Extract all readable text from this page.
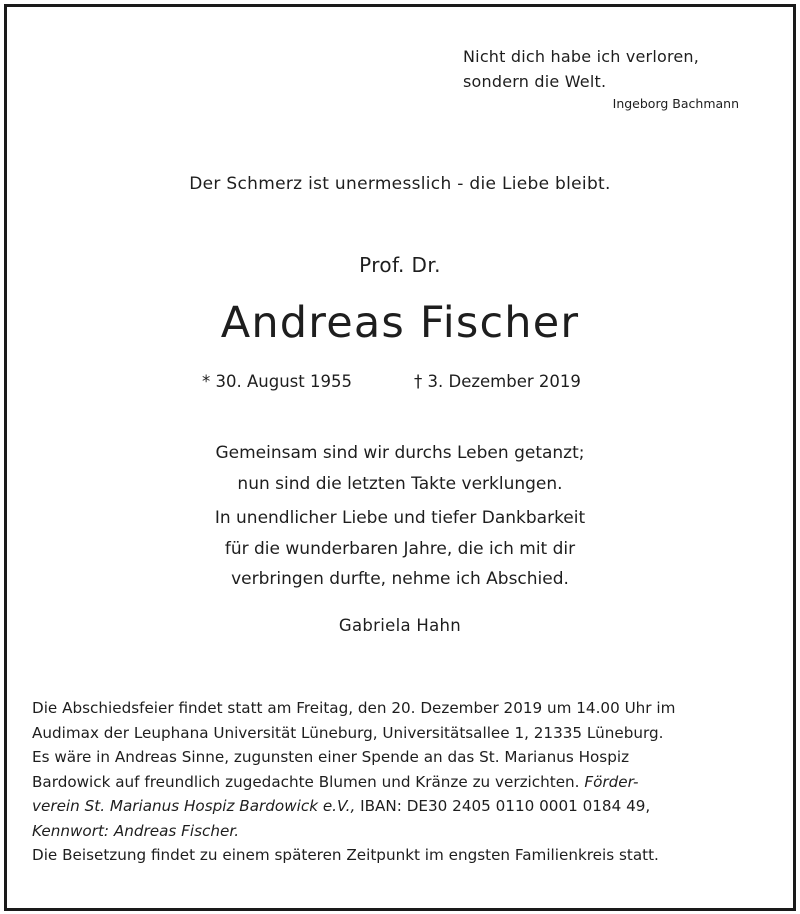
Nicht dich habe ich verloren,
sondern die Welt.
Ingeborg Bachmann
Der Schmerz ist unermesslich - die Liebe bleibt.
Prof. Dr.
Andreas Fischer
* 30. August 1955	† 3. Dezember 2019
Gemeinsam sind wir durchs Leben getanzt;
nun sind die letzten Takte verklungen.
In unendlicher Liebe und tiefer Dankbarkeit
für die wunderbaren Jahre, die ich mit dir
verbringen durfte, nehme ich Abschied.
Gabriela Hahn
Die Abschiedsfeier findet statt am Freitag, den 20. Dezember 2019 um 14.00 Uhr im
Audimax der Leuphana Universität Lüneburg, Universitätsallee 1, 21335 Lüneburg.
Es wäre in Andreas Sinne, zugunsten einer Spende an das St. Marianus Hospiz
Bardowick auf freundlich zugedachte Blumen und Kränze zu verzichten. Förder-
verein St. Marianus Hospiz Bardowick e.V., IBAN: DE30 2405 0110 0001 0184 49,
Kennwort: Andreas Fischer.
Die Beisetzung findet zu einem späteren Zeitpunkt im engsten Familienkreis statt.
